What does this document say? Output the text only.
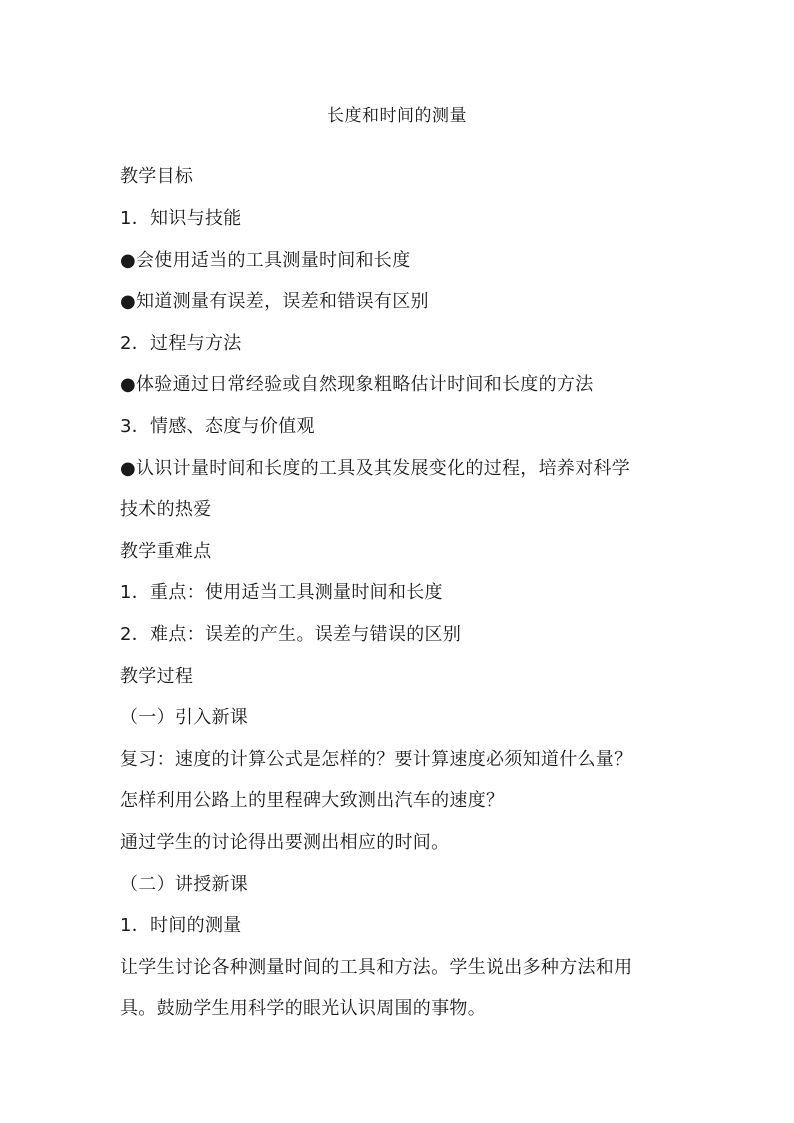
长度和时间的测量
教学目标
1．知识与技能
●会使用适当的工具测量时间和长度
●知道测量有误差，误差和错误有区别
2．过程与方法
●体验通过日常经验或自然现象粗略估计时间和长度的方法
3．情感、态度与价值观
●认识计量时间和长度的工具及其发展变化的过程，培养对科学
技术的热爱
教学重难点
1．重点：使用适当工具测量时间和长度
2．难点：误差的产生。误差与错误的区别
教学过程
（一）引入新课
复习：速度的计算公式是怎样的？要计算速度必须知道什么量？
怎样利用公路上的里程碑大致测出汽车的速度？
通过学生的讨论得出要测出相应的时间。
（二）讲授新课
1．时间的测量
让学生讨论各种测量时间的工具和方法。学生说出多种方法和用
具。鼓励学生用科学的眼光认识周围的事物。
